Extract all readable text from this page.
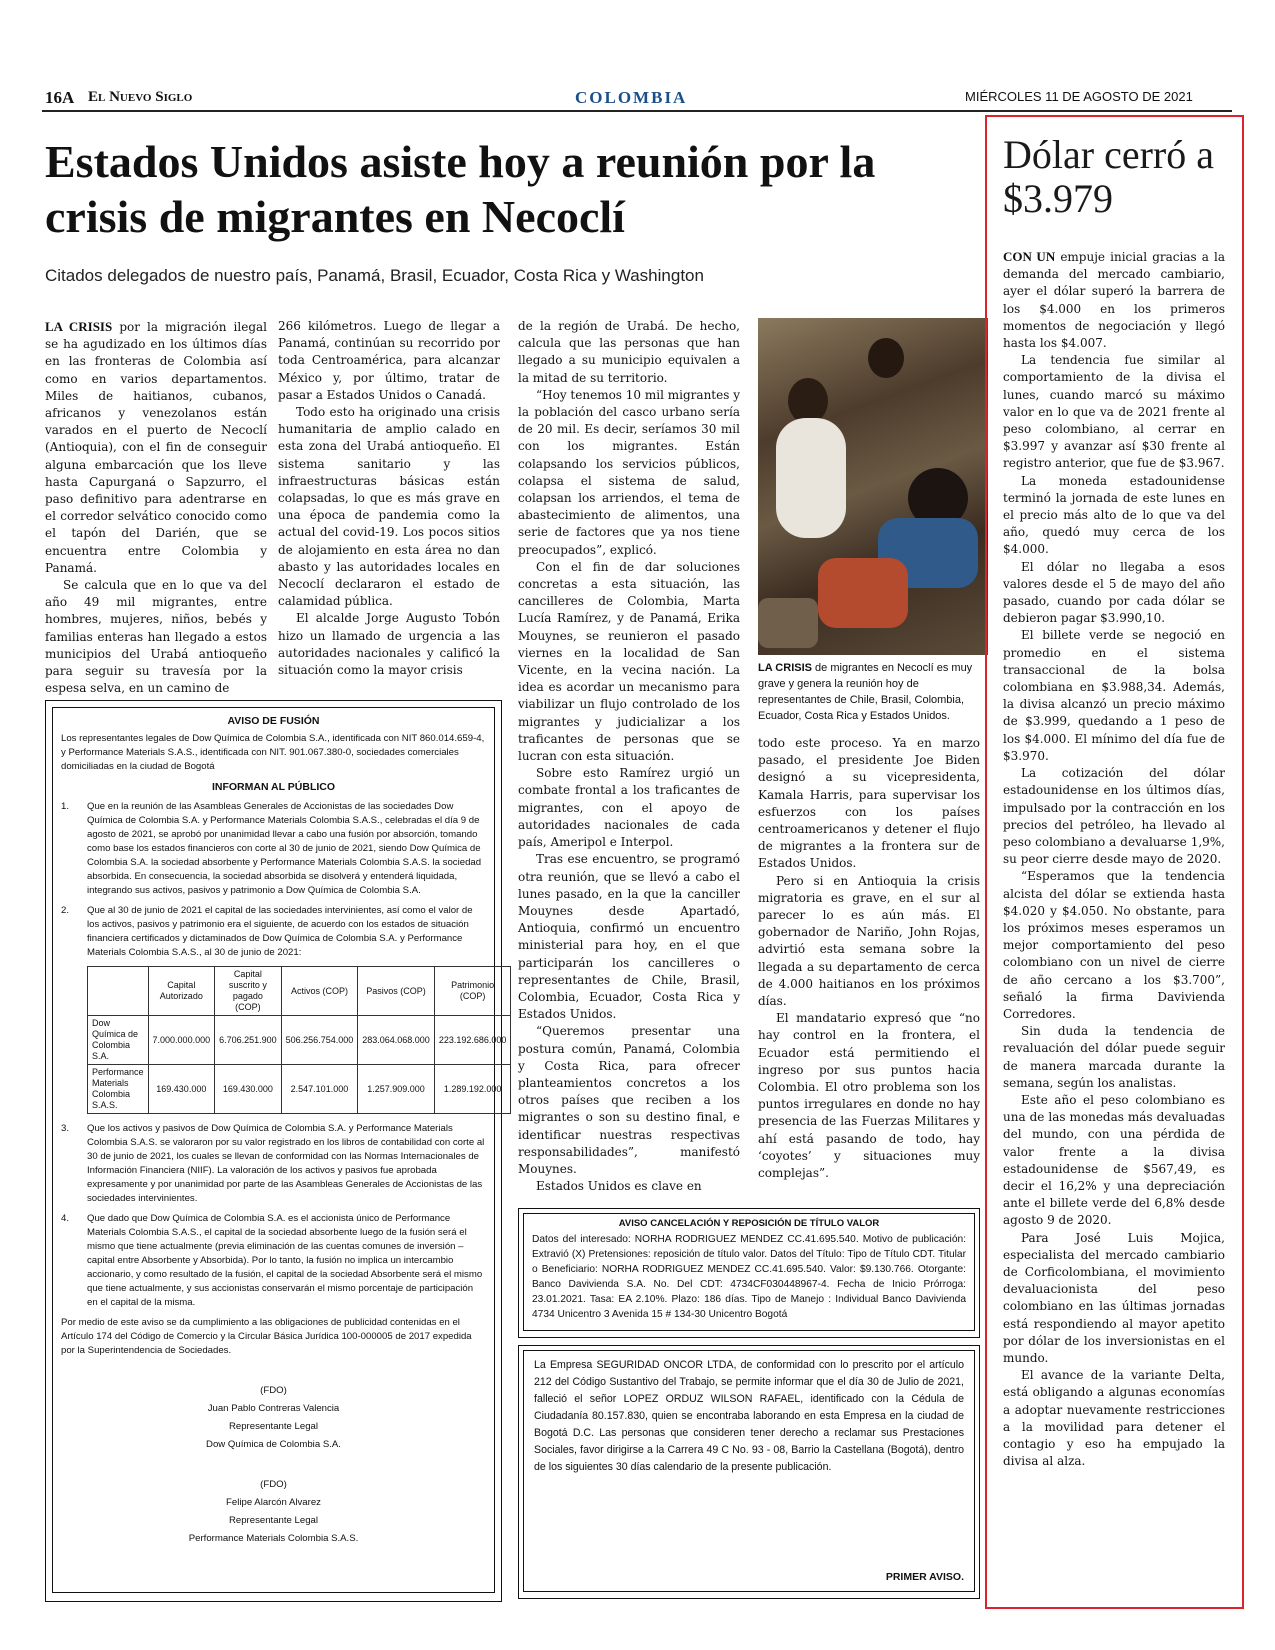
16A El Nuevo Siglo	COLOMBIA	MIÉRCOLES 11 DE AGOSTO DE 2021
Estados Unidos asiste hoy a reunión por la crisis de migrantes en Necoclí
Citados delegados de nuestro país, Panamá, Brasil, Ecuador, Costa Rica y Washington

LA CRISIS por la migración ilegal se ha agudizado en los últimos días en las fronteras de Colombia así como en varios departamentos. Miles de haitianos, cubanos, africanos y venezolanos están varados en el puerto de Necoclí (Antioquia), con el fin de conseguir alguna embarcación que los lleve hasta Capurganá o Sapzurro, el paso definitivo para adentrarse en el corredor selvático conocido como el tapón del Darién, que se encuentra entre Colombia y Panamá.

Se calcula que en lo que va del año 49 mil migrantes, entre hombres, mujeres, niños, bebés y familias enteras han llegado a estos municipios del Urabá antioqueño para seguir su travesía por la espesa selva, en un camino de

266 kilómetros. Luego de llegar a Panamá, continúan su recorrido por toda Centroamérica, para alcanzar México y, por último, tratar de pasar a Estados Unidos o Canadá.

Todo esto ha originado una crisis humanitaria de amplio calado en esta zona del Urabá antioqueño. El sistema sanitario y las infraestructuras básicas están colapsadas, lo que es más grave en una época de pandemia como la actual del covid-19. Los pocos sitios de alojamiento en esta área no dan abasto y las autoridades locales en Necoclí declararon el estado de calamidad pública.

El alcalde Jorge Augusto Tobón hizo un llamado de urgencia a las autoridades nacionales y calificó la situación como la mayor crisis

de la región de Urabá. De hecho, calcula que las personas que han llegado a su municipio equivalen a la mitad de su territorio.

“Hoy tenemos 10 mil migrantes y la población del casco urbano sería de 20 mil. Es decir, seríamos 30 mil con los migrantes. Están colapsando los servicios públicos, colapsa el sistema de salud, colapsan los arriendos, el tema de abastecimiento de alimentos, una serie de factores que ya nos tiene preocupados”, explicó.

Con el fin de dar soluciones concretas a esta situación, las cancilleres de Colombia, Marta Lucía Ramírez, y de Panamá, Erika Mouynes, se reunieron el pasado viernes en la localidad de San Vicente, en la vecina nación. La idea es acordar un mecanismo para viabilizar un flujo controlado de los migrantes y judicializar a los traficantes de personas que se lucran con esta situación.

Sobre esto Ramírez urgió un combate frontal a los traficantes de migrantes, con el apoyo de autoridades nacionales de cada país, Ameripol e Interpol.

Tras ese encuentro, se programó otra reunión, que se llevó a cabo el lunes pasado, en la que la canciller Mouynes desde Apartadó, Antioquia, confirmó un encuentro ministerial para hoy, en el que participarán los cancilleres o representantes de Chile, Brasil, Colombia, Ecuador, Costa Rica y Estados Unidos.

“Queremos presentar una postura común, Panamá, Colombia y Costa Rica, para ofrecer planteamientos concretos a los otros países que reciben a los migrantes o son su destino final, e identificar nuestras respectivas responsabilidades”, manifestó Mouynes.

Estados Unidos es clave en

LA CRISIS de migrantes en Necoclí es muy grave y genera la reunión hoy de representantes de Chile, Brasil, Colombia, Ecuador, Costa Rica y Estados Unidos.

todo este proceso. Ya en marzo pasado, el presidente Joe Biden designó a su vicepresidenta, Kamala Harris, para supervisar los esfuerzos con los países centroamericanos y detener el flujo de migrantes a la frontera sur de Estados Unidos.

Pero si en Antioquia la crisis migratoria es grave, en el sur al parecer lo es aún más. El gobernador de Nariño, John Rojas, advirtió esta semana sobre la llegada a su departamento de cerca de 4.000 haitianos en los próximos días.

El mandatario expresó que “no hay control en la frontera, el Ecuador está permitiendo el ingreso por sus puntos hacia Colombia. El otro problema son los puntos irregulares en donde no hay presencia de las Fuerzas Militares y ahí está pasando de todo, hay ‘coyotes’ y situaciones muy complejas”.

AVISO DE FUSIÓN
Los representantes legales de Dow Química de Colombia S.A., identificada con NIT 860.014.659-4, y Performance Materials S.A.S., identificada con NIT. 901.067.380-0, sociedades comerciales domiciliadas en la ciudad de Bogotá
INFORMAN AL PÚBLICO
1. Que en la reunión de las Asambleas Generales de Accionistas de las sociedades Dow Química de Colombia S.A. y Performance Materials Colombia S.A.S., celebradas el día 9 de agosto de 2021, se aprobó por unanimidad llevar a cabo una fusión por absorción, tomando como base los estados financieros con corte al 30 de junio de 2021, siendo Dow Química de Colombia S.A. la sociedad absorbente y Performance Materials Colombia S.A.S. la sociedad absorbida. En consecuencia, la sociedad absorbida se disolverá y entenderá liquidada, integrando sus activos, pasivos y patrimonio a Dow Química de Colombia S.A.
2. Que al 30 de junio de 2021 el capital de las sociedades intervinientes, así como el valor de los activos, pasivos y patrimonio era el siguiente, de acuerdo con los estados de situación financiera certificados y dictaminados de Dow Química de Colombia S.A. y Performance Materials Colombia S.A.S., al 30 de junio de 2021:
	Capital Autorizado	Capital suscrito y pagado (COP)	Activos (COP)	Pasivos (COP)	Patrimonio (COP)
Dow Química de Colombia S.A.	7.000.000.000	6.706.251.900	506.256.754.000	283.064.068.000	223.192.686.000
Performance Materials Colombia S.A.S.	169.430.000	169.430.000	2.547.101.000	1.257.909.000	1.289.192.000
3. Que los activos y pasivos de Dow Química de Colombia S.A. y Performance Materials Colombia S.A.S. se valoraron por su valor registrado en los libros de contabilidad con corte al 30 de junio de 2021, los cuales se llevan de conformidad con las Normas Internacionales de Información Financiera (NIIF). La valoración de los activos y pasivos fue aprobada expresamente y por unanimidad por parte de las Asambleas Generales de Accionistas de las sociedades intervinientes.
4. Que dado que Dow Química de Colombia S.A. es el accionista único de Performance Materials Colombia S.A.S., el capital de la sociedad absorbente luego de la fusión será el mismo que tiene actualmente (previa eliminación de las cuentas comunes de inversión – capital entre Absorbente y Absorbida). Por lo tanto, la fusión no implica un intercambio accionario, y como resultado de la fusión, el capital de la sociedad Absorbente será el mismo que tiene actualmente, y sus accionistas conservarán el mismo porcentaje de participación en el capital de la misma.
Por medio de este aviso se da cumplimiento a las obligaciones de publicidad contenidas en el Artículo 174 del Código de Comercio y la Circular Básica Jurídica 100-000005 de 2017 expedida por la Superintendencia de Sociedades.
(FDO)
Juan Pablo Contreras Valencia
Representante Legal
Dow Química de Colombia S.A.
(FDO)
Felipe Alarcón Alvarez
Representante Legal
Performance Materials Colombia S.A.S.
AVISO CANCELACIÓN Y REPOSICIÓN DE TÍTULO VALOR
Datos del interesado: NORHA RODRIGUEZ MENDEZ CC.41.695.540. Motivo de publicación: Extravió (X) Pretensiones: reposición de título valor. Datos del Título: Tipo de Título CDT. Titular o Beneficiario: NORHA RODRIGUEZ MENDEZ CC.41.695.540. Valor: $9.130.766. Otorgante: Banco Davivienda S.A. No. Del CDT: 4734CF030448967-4. Fecha de Inicio Prórroga: 23.01.2021. Tasa: EA 2.10%. Plazo: 186 días. Tipo de Manejo : Individual Banco Davivienda 4734 Unicentro 3 Avenida 15 # 134-30 Unicentro Bogotá
La Empresa SEGURIDAD ONCOR LTDA, de conformidad con lo prescrito por el artículo 212 del Código Sustantivo del Trabajo, se permite informar que el día 30 de Julio de 2021, falleció el señor LOPEZ ORDUZ WILSON RAFAEL, identificado con la Cédula de Ciudadanía 80.157.830, quien se encontraba laborando en esta Empresa en la ciudad de Bogotá D.C. Las personas que consideren tener derecho a reclamar sus Prestaciones Sociales, favor dirigirse a la Carrera 49 C No. 93 - 08, Barrio la Castellana (Bogotá), dentro de los siguientes 30 días calendario de la presente publicación.
PRIMER AVISO.
Dólar cerró a $3.979

CON UN empuje inicial gracias a la demanda del mercado cambiario, ayer el dólar superó la barrera de los $4.000 en los primeros momentos de negociación y llegó hasta los $4.007.

La tendencia fue similar al comportamiento de la divisa el lunes, cuando marcó su máximo valor en lo que va de 2021 frente al peso colombiano, al cerrar en $3.997 y avanzar así $30 frente al registro anterior, que fue de $3.967.

La moneda estadounidense terminó la jornada de este lunes en el precio más alto de lo que va del año, quedó muy cerca de los $4.000.

El dólar no llegaba a esos valores desde el 5 de mayo del año pasado, cuando por cada dólar se debieron pagar $3.990,10.

El billete verde se negoció en promedio en el sistema transaccional de la bolsa colombiana en $3.988,34. Además, la divisa alcanzó un precio máximo de $3.999, quedando a 1 peso de los $4.000. El mínimo del día fue de $3.970.

La cotización del dólar estadounidense en los últimos días, impulsado por la contracción en los precios del petróleo, ha llevado al peso colombiano a devaluarse 1,9%, su peor cierre desde mayo de 2020.

“Esperamos que la tendencia alcista del dólar se extienda hasta $4.020 y $4.050. No obstante, para los próximos meses esperamos un mejor comportamiento del peso colombiano con un nivel de cierre de año cercano a los $3.700”, señaló la firma Davivienda Corredores.

Sin duda la tendencia de revaluación del dólar puede seguir de manera marcada durante la semana, según los analistas.

Este año el peso colombiano es una de las monedas más devaluadas del mundo, con una pérdida de valor frente a la divisa estadounidense de $567,49, es decir el 16,2% y una depreciación ante el billete verde del 6,8% desde agosto 9 de 2020.

Para José Luis Mojica, especialista del mercado cambiario de Corficolombiana, el movimiento devaluacionista del peso colombiano en las últimas jornadas está respondiendo al mayor apetito por dólar de los inversionistas en el mundo.

El avance de la variante Delta, está obligando a algunas economías a adoptar nuevamente restricciones a la movilidad para detener el contagio y eso ha empujado la divisa al alza.
